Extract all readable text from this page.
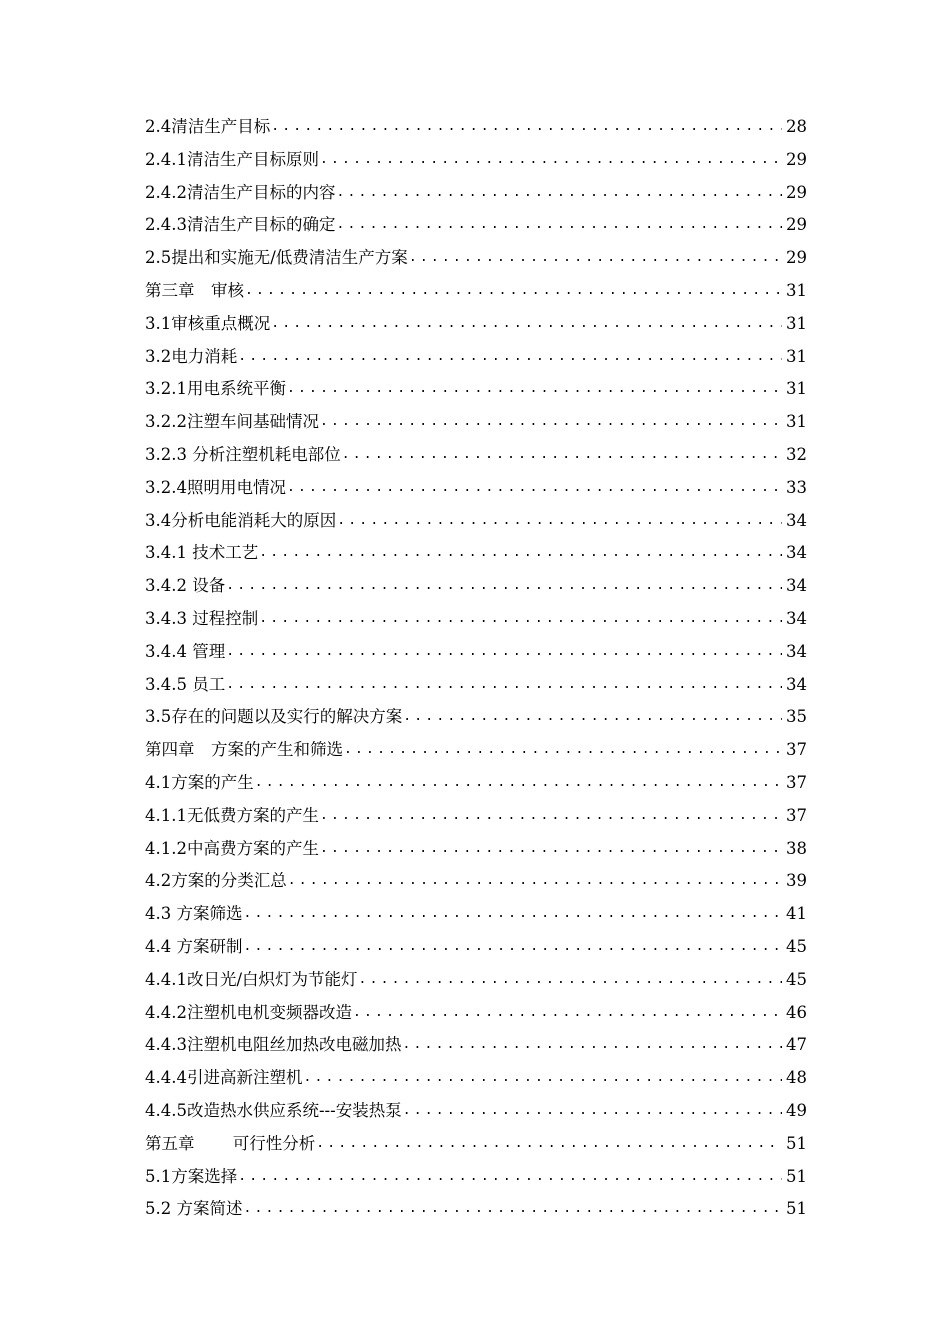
2.4清洁生产目标 .....	28
2.4.1清洁生产目标原则 .....	29
2.4.2清洁生产目标的内容 .....	29
2.4.3清洁生产目标的确定 .....	29
2.5提出和实施无/低费清洁生产方案 .....	29
第三章　审核 .....	31
3.1审核重点概况 .....	31
3.2电力消耗 .....	31
3.2.1用电系统平衡 .....	31
3.2.2注塑车间基础情况 .....	31
3.2.3 分析注塑机耗电部位 .....	32
3.2.4照明用电情况 .....	33
3.4分析电能消耗大的原因 .....	34
3.4.1 技术工艺 .....	34
3.4.2 设备 .....	34
3.4.3 过程控制 .....	34
3.4.4 管理 .....	34
3.4.5 员工 .....	34
3.5存在的问题以及实行的解决方案 .....	35
第四章　方案的产生和筛选 .....	37
4.1方案的产生 .....	37
4.1.1无低费方案的产生 .....	37
4.1.2中高费方案的产生 .....	38
4.2方案的分类汇总 .....	39
4.3 方案筛选 .....	41
4.4 方案研制 .....	45
4.4.1改日光/白炽灯为节能灯 .....	45
4.4.2注塑机电机变频器改造 .....	46
4.4.3注塑机电阻丝加热改电磁加热 .....	47
4.4.4引进高新注塑机 .....	48
4.4.5改造热水供应系统---安装热泵 .....	49
第五章　　 可行性分析 .....	51
5.1方案选择 .....	51
5.2 方案简述 .....	51
